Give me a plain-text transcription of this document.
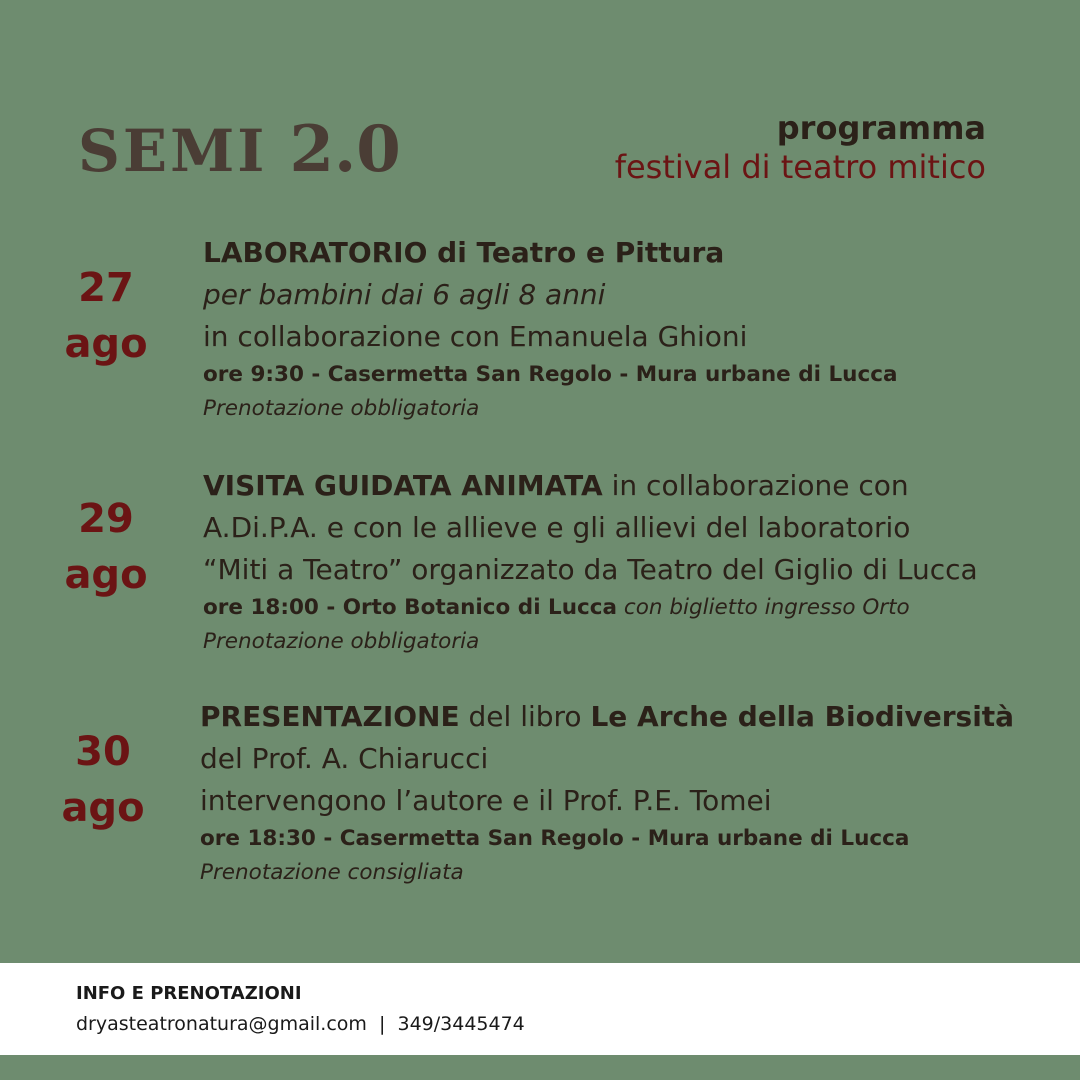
SEMI 2.0	programma
festival di teatro mitico
27
ago
LABORATORIO di Teatro e Pittura
per bambini dai 6 agli 8 anni
in collaborazione con Emanuela Ghioni
ore 9:30 - Casermetta San Regolo - Mura urbane di Lucca
Prenotazione obbligatoria
29
ago
VISITA GUIDATA ANIMATA in collaborazione con
A.Di.P.A. e con le allieve e gli allievi del laboratorio
“Miti a Teatro” organizzato da Teatro del Giglio di Lucca
ore 18:00 - Orto Botanico di Lucca con biglietto ingresso Orto
Prenotazione obbligatoria
30
ago
PRESENTAZIONE del libro Le Arche della Biodiversità
del Prof. A. Chiarucci
intervengono l’autore e il Prof. P.E. Tomei
ore 18:30 - Casermetta San Regolo - Mura urbane di Lucca
Prenotazione consigliata
INFO E PRENOTAZIONI
dryasteatronatura@gmail.com  |  349/3445474
